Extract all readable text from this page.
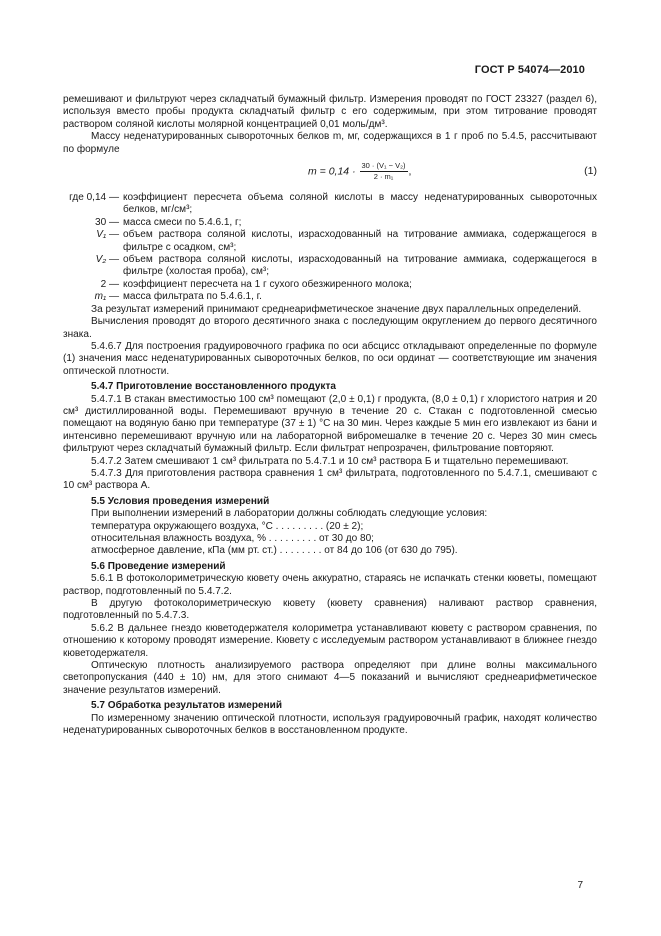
ГОСТ Р 54074—2010

ремешивают и фильтруют через складчатый бумажный фильтр. Измерения проводят по ГОСТ 23327 (раздел 6), используя вместо пробы продукта складчатый фильтр с его содержимым, при этом титрование проводят раствором соляной кислоты молярной концентрацией 0,01 моль/дм³.

Массу неденатурированных сывороточных белков m, мг, содержащихся в 1 г проб по 5.4.5, рассчитывают по формуле

$m = 0,14 \cdot \frac{\text{30 · (V₁ − V₂)}}{\text{2 · m₁}}$ ,	(1)
где 0,14 — коэффициент пересчета объема соляной кислоты в массу неденатурированных сывороточных белков, мг/см³;
30 — масса смеси по 5.4.6.1, г;
V₁ — объем раствора соляной кислоты, израсходованный на титрование аммиака, содержащегося в фильтре с осадком, см³;
V₂ — объем раствора соляной кислоты, израсходованный на титрование аммиака, содержащегося в фильтре (холостая проба), см³;
2 — коэффициент пересчета на 1 г сухого обезжиренного молока;
m₁ — масса фильтрата по 5.4.6.1, г.

За результат измерений принимают среднеарифметическое значение двух параллельных определений.

Вычисления проводят до второго десятичного знака с последующим округлением до первого десятичного знака.

5.4.6.7 Для построения градуировочного графика по оси абсцисс откладывают определенные по формуле (1) значения масс неденатурированных сывороточных белков, по оси ординат — соответствующие им значения оптической плотности.

5.4.7 Приготовление восстановленного продукта

5.4.7.1 В стакан вместимостью 100 см³ помещают (2,0 ± 0,1) г продукта, (8,0 ± 0,1) г хлористого натрия и 20 см³ дистиллированной воды. Перемешивают вручную в течение 20 с. Стакан с подготовленной смесью помещают на водяную баню при температуре (37 ± 1) °С на 30 мин. Через каждые 5 мин его извлекают из бани и интенсивно перемешивают вручную или на лабораторной вибромешалке в течение 20 с. Через 30 мин смесь фильтруют через складчатый бумажный фильтр. Если фильтрат непрозрачен, фильтрование повторяют.

5.4.7.2 Затем смешивают 1 см³ фильтрата по 5.4.7.1 и 10 см³ раствора Б и тщательно перемешивают.

5.4.7.3 Для приготовления раствора сравнения 1 см³ фильтрата, подготовленного по 5.4.7.1, смешивают с 10 см³ раствора А.

5.5 Условия проведения измерений

При выполнении измерений в лаборатории должны соблюдать следующие условия:

температура окружающего воздуха, °С . . . . . . . . . (20 ± 2);
относительная влажность воздуха, % . . . . . . . . . от 30 до 80;
атмосферное давление, кПа (мм рт. ст.) . . . . . . . . от 84 до 106 (от 630 до 795).

5.6 Проведение измерений

5.6.1 В фотоколориметрическую кювету очень аккуратно, стараясь не испачкать стенки кюветы, помещают раствор, подготовленный по 5.4.7.2.

В другую фотоколориметрическую кювету (кювету сравнения) наливают раствор сравнения, подготовленный по 5.4.7.3.

5.6.2 В дальнее гнездо кюветодержателя колориметра устанавливают кювету с раствором сравнения, по отношению к которому проводят измерение. Кювету с исследуемым раствором устанавливают в ближнее гнездо кюветодержателя.

Оптическую плотность анализируемого раствора определяют при длине волны максимального светопропускания (440 ± 10) нм, для этого снимают 4—5 показаний и вычисляют среднеарифметическое значение результатов измерений.

5.7 Обработка результатов измерений

По измеренному значению оптической плотности, используя градуировочный график, находят количество неденатурированных сывороточных белков в восстановленном продукте.

7
